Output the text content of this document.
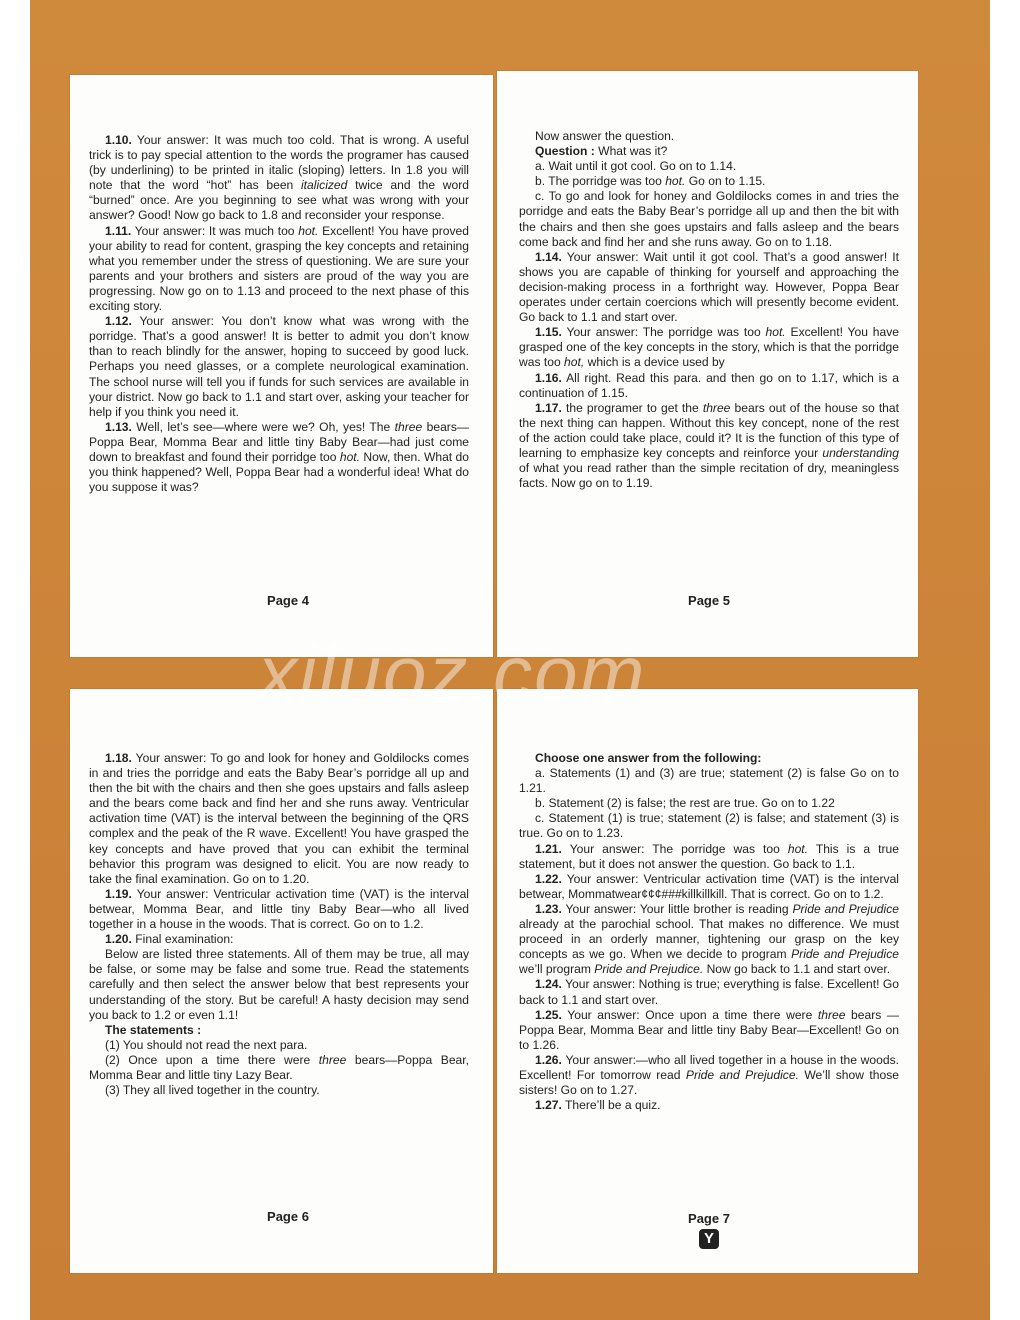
1.10. Your answer: It was much too cold. That is wrong. A useful trick is to pay special attention to the words the programer has caused (by underlining) to be printed in italic (sloping) letters. In 1.8 you will note that the word “hot” has been italicized twice and the word “burned” once. Are you beginning to see what was wrong with your answer? Good! Now go back to 1.8 and reconsider your response.

1.11. Your answer: It was much too hot. Excellent! You have proved your ability to read for content, grasping the key concepts and retaining what you remember under the stress of questioning. We are sure your parents and your brothers and sisters are proud of the way you are progressing. Now go on to 1.13 and proceed to the next phase of this exciting story.

1.12. Your answer: You don’t know what was wrong with the porridge. That’s a good answer! It is better to admit you don’t know than to reach blindly for the answer, hoping to succeed by good luck. Perhaps you need glasses, or a complete neurological examination. The school nurse will tell you if funds for such services are available in your district. Now go back to 1.1 and start over, asking your teacher for help if you think you need it.

1.13. Well, let’s see—where were we? Oh, yes! The three bears—Poppa Bear, Momma Bear and little tiny Baby Bear—had just come down to breakfast and found their porridge too hot. Now, then. What do you think happened? Well, Poppa Bear had a wonderful idea! What do you suppose it was?

Page 4

Now answer the question.

Question : What was it?

a. Wait until it got cool. Go on to 1.14.

b. The porridge was too hot. Go on to 1.15.

c. To go and look for honey and Goldilocks comes in and tries the porridge and eats the Baby Bear’s porridge all up and then the bit with the chairs and then she goes upstairs and falls asleep and the bears come back and find her and she runs away. Go on to 1.18.

1.14. Your answer: Wait until it got cool. That’s a good answer! It shows you are capable of thinking for yourself and approaching the decision-making process in a forthright way. However, Poppa Bear operates under certain coercions which will presently become evident. Go back to 1.1 and start over.

1.15. Your answer: The porridge was too hot. Excellent! You have grasped one of the key concepts in the story, which is that the porridge was too hot, which is a device used by

1.16. All right. Read this para. and then go on to 1.17, which is a continuation of 1.15.

1.17. the programer to get the three bears out of the house so that the next thing can happen. Without this key concept, none of the rest of the action could take place, could it? It is the function of this type of learning to emphasize key concepts and reinforce your understanding of what you read rather than the simple recitation of dry, meaningless facts. Now go on to 1.19.

Page 5

1.18. Your answer: To go and look for honey and Goldilocks comes in and tries the porridge and eats the Baby Bear’s porridge all up and then the bit with the chairs and then she goes upstairs and falls asleep and the bears come back and find her and she runs away. Ventricular activation time (VAT) is the interval between the beginning of the QRS complex and the peak of the R wave. Excellent! You have grasped the key concepts and have proved that you can exhibit the terminal behavior this program was designed to elicit. You are now ready to take the final examination. Go on to 1.20.

1.19. Your answer: Ventricular activation time (VAT) is the interval betwear, Momma Bear, and little tiny Baby Bear—who all lived together in a house in the woods. That is correct. Go on to 1.2.

1.20. Final examination:

Below are listed three statements. All of them may be true, all may be false, or some may be false and some true. Read the statements carefully and then select the answer below that best represents your understanding of the story. But be careful! A hasty decision may send you back to 1.2 or even 1.1!

The statements :

(1) You should not read the next para.

(2) Once upon a time there were three bears—Poppa Bear, Momma Bear and little tiny Lazy Bear.

(3) They all lived together in the country.

Page 6

Choose one answer from the following:

a. Statements (1) and (3) are true; statement (2) is false Go on to 1.21.

b. Statement (2) is false; the rest are true. Go on to 1.22

c. Statement (1) is true; statement (2) is false; and statement (3) is true. Go on to 1.23.

1.21. Your answer: The porridge was too hot. This is a true statement, but it does not answer the question. Go back to 1.1.

1.22. Your answer: Ventricular activation time (VAT) is the interval betwear, Mommatwear¢¢¢###killkillkill. That is correct. Go on to 1.2.

1.23. Your answer: Your little brother is reading Pride and Prejudice already at the parochial school. That makes no difference. We must proceed in an orderly manner, tightening our grasp on the key concepts as we go. When we decide to program Pride and Prejudice we’ll program Pride and Prejudice. Now go back to 1.1 and start over.

1.24. Your answer: Nothing is true; everything is false. Excellent! Go back to 1.1 and start over.

1.25. Your answer: Once upon a time there were three bears —Poppa Bear, Momma Bear and little tiny Baby Bear—Excellent! Go on to 1.26.

1.26. Your answer:—who all lived together in a house in the woods. Excellent! For tomorrow read Pride and Prejudice. We’ll show those sisters! Go on to 1.27.

1.27. There’ll be a quiz.

Page 7
Y
xiluoz.com
